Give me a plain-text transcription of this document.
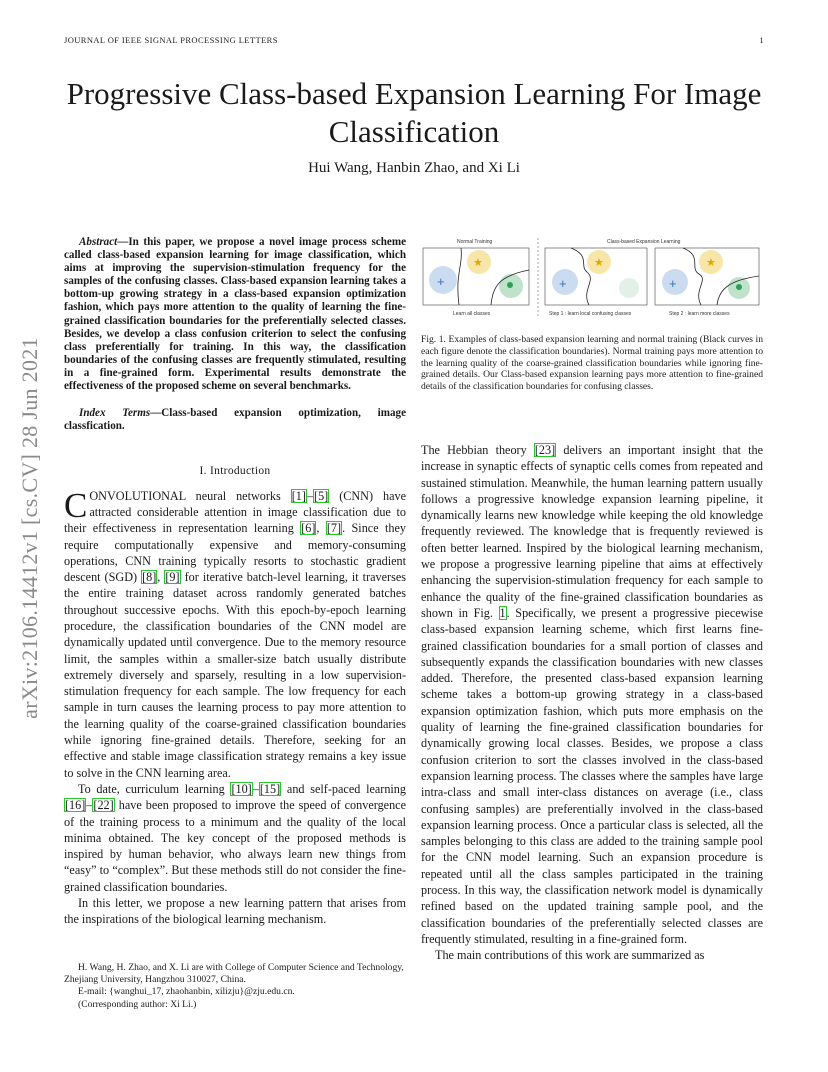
JOURNAL OF IEEE SIGNAL PROCESSING LETTERS	1
arXiv:2106.14412v1 [cs.CV] 28 Jun 2021
Progressive Class-based Expansion Learning For Image Classification
Hui Wang, Hanbin Zhao, and Xi Li

Abstract—In this paper, we propose a novel image process scheme called class-based expansion learning for image classification, which aims at improving the supervision-stimulation frequency for the samples of the confusing classes. Class-based expansion learning takes a bottom-up growing strategy in a class-based expansion optimization fashion, which pays more attention to the quality of learning the fine-grained classification boundaries for the preferentially selected classes. Besides, we develop a class confusion criterion to select the confusing class preferentially for training. In this way, the classification boundaries of the confusing classes are frequently stimulated, resulting in a fine-grained form. Experimental results demonstrate the effectiveness of the proposed scheme on several benchmarks.

Index Terms—Class-based expansion optimization, image classfication.

I. Introduction

CONVOLUTIONAL neural networks [1]–[5] (CNN) have attracted considerable attention in image classification due to their effectiveness in representation learning [6], [7]. Since they require computationally expensive and memory-consuming operations, CNN training typically resorts to stochastic gradient descent (SGD) [8], [9] for iterative batch-level learning, it traverses the entire training dataset across randomly generated batches throughout successive epochs. With this epoch-by-epoch learning procedure, the classification boundaries of the CNN model are dynamically updated until convergence. Due to the memory resource limit, the samples within a smaller-size batch usually distribute extremely diversely and sparsely, resulting in a low supervision-stimulation frequency for each sample. The low frequency for each sample in turn causes the learning process to pay more attention to the learning quality of the coarse-grained classification boundaries while ignoring fine-grained details. Therefore, seeking for an effective and stable image classification strategy remains a key issue to solve in the CNN learning area.

To date, curriculum learning [10]–[15] and self-paced learning [16]–[22] have been proposed to improve the speed of convergence of the training process to a minimum and the quality of the local minima obtained. The key concept of the proposed methods is inspired by human behavior, who always learn new things from “easy” to “complex”. But these methods still do not consider the fine-grained classification boundaries.

In this letter, we propose a new learning pattern that arises from the inspirations of the biological learning mechanism.

H. Wang, H. Zhao, and X. Li are with College of Computer Science and Technology, Zhejiang University, Hangzhou 310027, China.

E-mail: {wanghui_17, zhaohanbin, xilizju}@zju.edu.cn.

(Corresponding author: Xi Li.)

Normal Training	Class-based Expansion Learning
★
+
Learn all classes
★
+
Step 1 : learn local confusing classes
★
+
Step 2 : learn more classes
Fig. 1. Examples of class-based expansion learning and normal training (Black curves in each figure denote the classification boundaries). Normal training pays more attention to the learning quality of the coarse-grained classification boundaries while ignoring fine-grained details. Our Class-based expansion learning pays more attention to fine-grained details of the classification boundaries for confusing classes.

The Hebbian theory [23] delivers an important insight that the increase in synaptic effects of synaptic cells comes from repeated and sustained stimulation. Meanwhile, the human learning pattern usually follows a progressive knowledge expansion learning pipeline, it dynamically learns new knowledge while keeping the old knowledge frequently reviewed. The knowledge that is frequently reviewed is often better learned. Inspired by the biological learning mechanism, we propose a progressive learning pipeline that aims at effectively enhancing the supervision-stimulation frequency for each sample to enhance the quality of the fine-grained classification boundaries as shown in Fig. 1. Specifically, we present a progressive piecewise class-based expansion learning scheme, which first learns fine-grained classification boundaries for a small portion of classes and subsequently expands the classification boundaries with new classes added. Therefore, the presented class-based expansion learning scheme takes a bottom-up growing strategy in a class-based expansion optimization fashion, which puts more emphasis on the quality of learning the fine-grained classification boundaries for dynamically growing local classes. Besides, we propose a class confusion criterion to sort the classes involved in the class-based expansion learning process. The classes where the samples have large intra-class and small inter-class distances on average (i.e., class confusing samples) are preferentially involved in the class-based expansion learning process. Once a particular class is selected, all the samples belonging to this class are added to the training sample pool for the CNN model learning. Such an expansion procedure is repeated until all the class samples participated in the training process. In this way, the classification network model is dynamically refined based on the updated training sample pool, and the classification boundaries of the preferentially selected classes are frequently stimulated, resulting in a fine-grained form.

The main contributions of this work are summarized as
